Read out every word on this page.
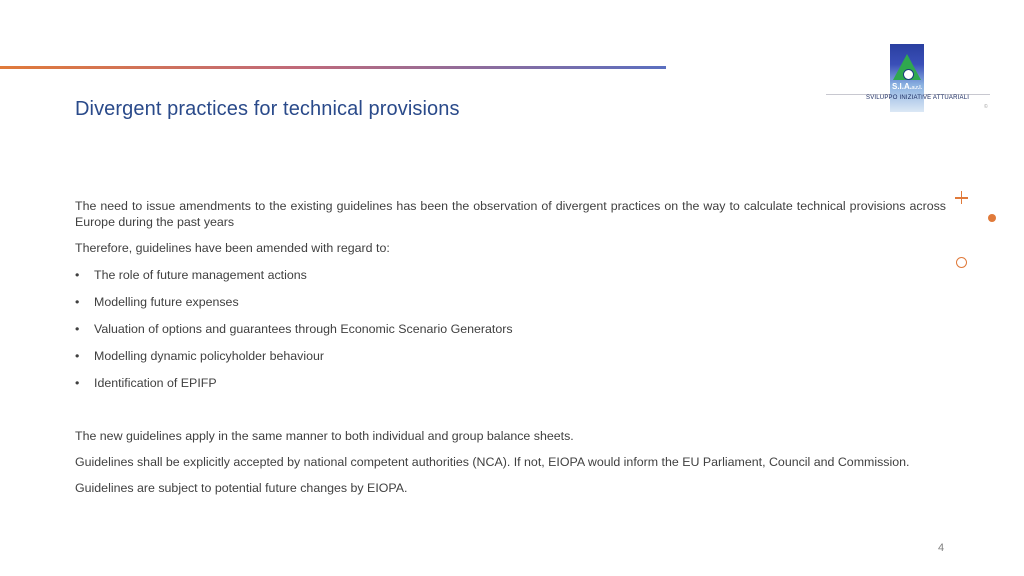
Divergent practices for technical provisions
S.I.A.s.r.l.
SVILUPPO INIZIATIVE ATTUARIALI
©

The need to issue amendments to the existing guidelines has been the observation of divergent practices on the way to calculate technical provisions across Europe during the past years

Therefore, guidelines have been amended with regard to:

•	The role of future management actions
•	Modelling future expenses
•	Valuation of options and guarantees through Economic Scenario Generators
•	Modelling dynamic policyholder behaviour
•	Identification of EPIFP

The new guidelines apply in the same manner to both individual and group balance sheets.

Guidelines shall be explicitly accepted by national competent authorities (NCA). If not, EIOPA would inform the EU Parliament, Council and Commission.

Guidelines are subject to potential future changes by EIOPA.

4
